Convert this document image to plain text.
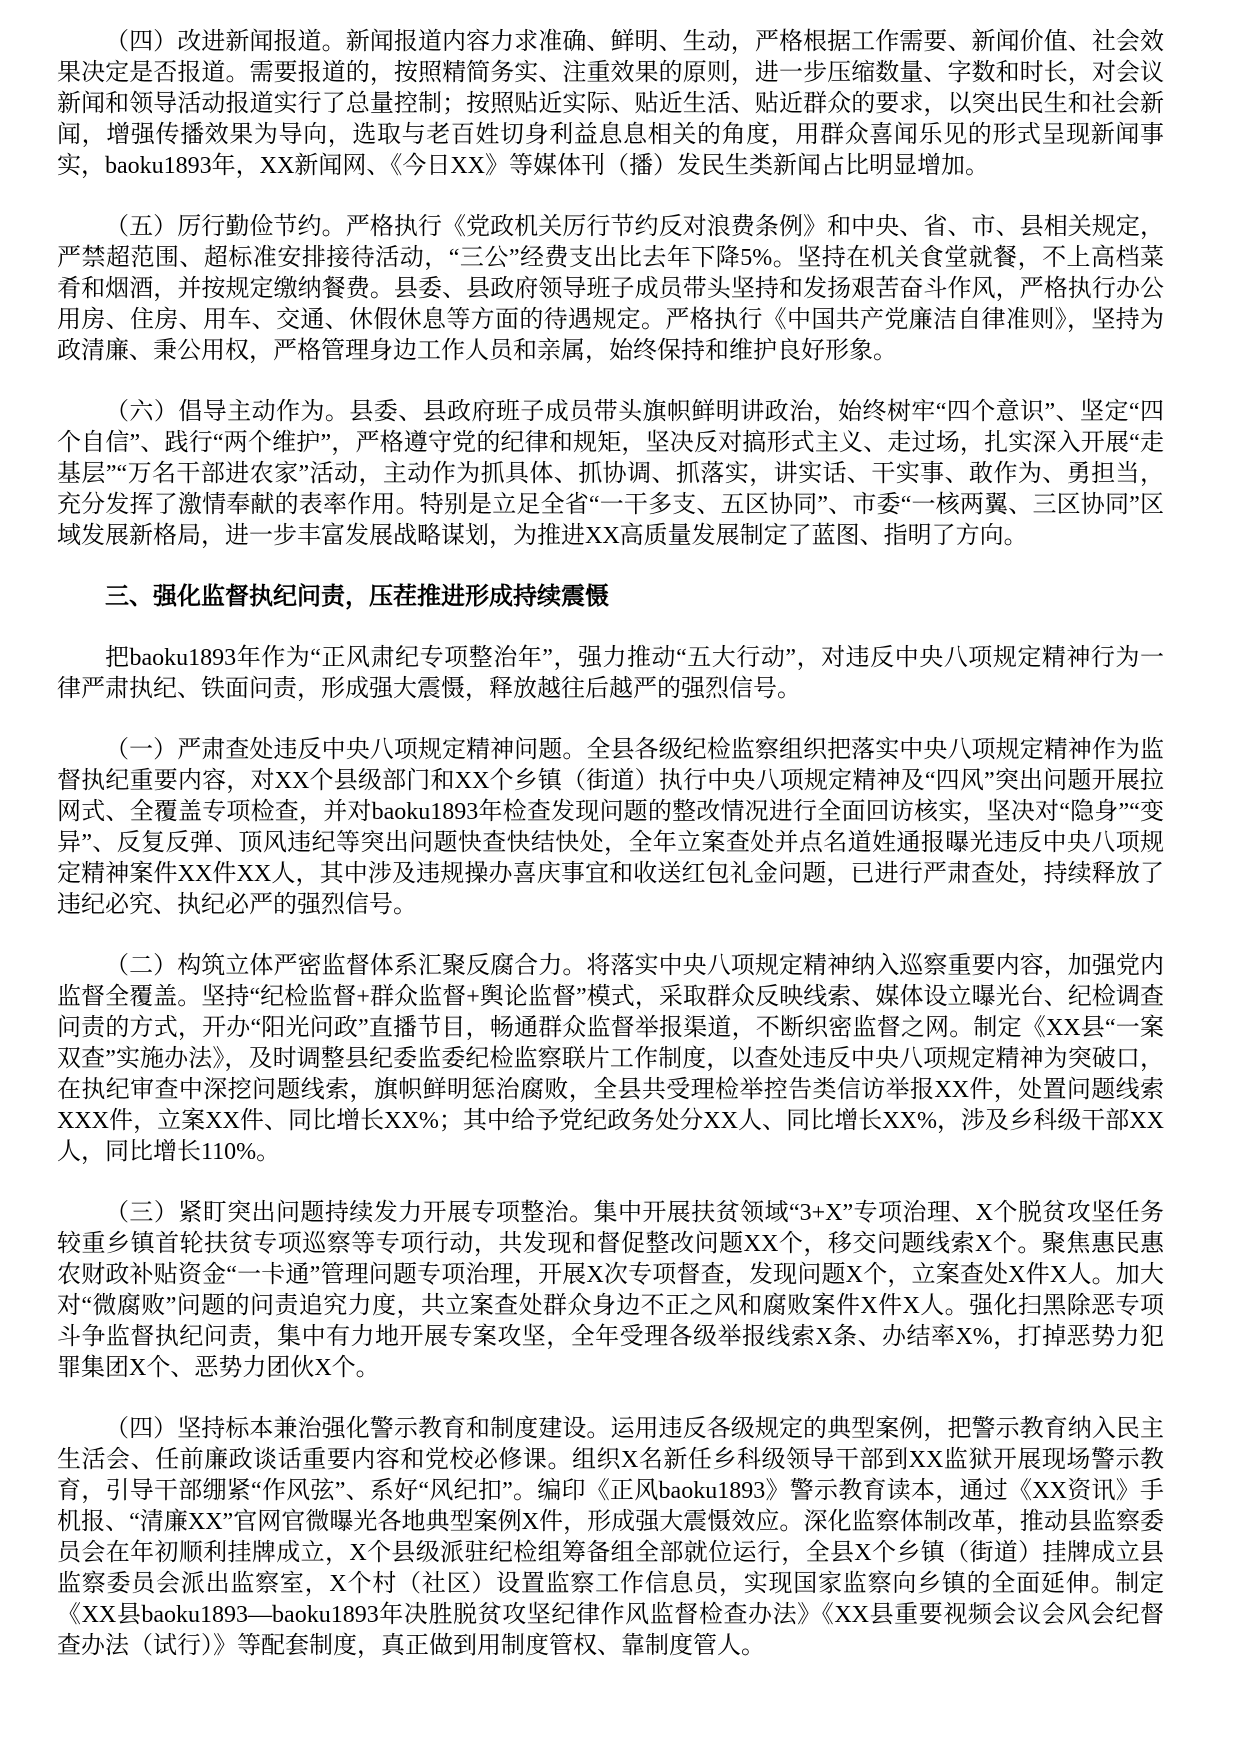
（四）改进新闻报道。新闻报道内容力求准确、鲜明、生动，严格根据工作需要、新闻价值、社会效果决定是否报道。需要报道的，按照精简务实、注重效果的原则，进一步压缩数量、字数和时长，对会议新闻和领导活动报道实行了总量控制；按照贴近实际、贴近生活、贴近群众的要求，以突出民生和社会新闻，增强传播效果为导向，选取与老百姓切身利益息息相关的角度，用群众喜闻乐见的形式呈现新闻事实，baoku1893年，XX新闻网、《今日XX》等媒体刊（播）发民生类新闻占比明显增加。

（五）厉行勤俭节约。严格执行《党政机关厉行节约反对浪费条例》和中央、省、市、县相关规定，严禁超范围、超标准安排接待活动，“三公”经费支出比去年下降5%。坚持在机关食堂就餐，不上高档菜肴和烟酒，并按规定缴纳餐费。县委、县政府领导班子成员带头坚持和发扬艰苦奋斗作风，严格执行办公用房、住房、用车、交通、休假休息等方面的待遇规定。严格执行《中国共产党廉洁自律准则》，坚持为政清廉、秉公用权，严格管理身边工作人员和亲属，始终保持和维护良好形象。

（六）倡导主动作为。县委、县政府班子成员带头旗帜鲜明讲政治，始终树牢“四个意识”、坚定“四个自信”、践行“两个维护”，严格遵守党的纪律和规矩，坚决反对搞形式主义、走过场，扎实深入开展“走基层”“万名干部进农家”活动，主动作为抓具体、抓协调、抓落实，讲实话、干实事、敢作为、勇担当，充分发挥了激情奉献的表率作用。特别是立足全省“一干多支、五区协同”、市委“一核两翼、三区协同”区域发展新格局，进一步丰富发展战略谋划，为推进XX高质量发展制定了蓝图、指明了方向。

三、强化监督执纪问责，压茬推进形成持续震慑

把baoku1893年作为“正风肃纪专项整治年”，强力推动“五大行动”，对违反中央八项规定精神行为一律严肃执纪、铁面问责，形成强大震慑，释放越往后越严的强烈信号。

（一）严肃查处违反中央八项规定精神问题。全县各级纪检监察组织把落实中央八项规定精神作为监督执纪重要内容，对XX个县级部门和XX个乡镇（街道）执行中央八项规定精神及“四风”突出问题开展拉网式、全覆盖专项检查，并对baoku1893年检查发现问题的整改情况进行全面回访核实，坚决对“隐身”“变异”、反复反弹、顶风违纪等突出问题快查快结快处，全年立案查处并点名道姓通报曝光违反中央八项规定精神案件XX件XX人，其中涉及违规操办喜庆事宜和收送红包礼金问题，已进行严肃查处，持续释放了违纪必究、执纪必严的强烈信号。

（二）构筑立体严密监督体系汇聚反腐合力。将落实中央八项规定精神纳入巡察重要内容，加强党内监督全覆盖。坚持“纪检监督+群众监督+舆论监督”模式，采取群众反映线索、媒体设立曝光台、纪检调查问责的方式，开办“阳光问政”直播节目，畅通群众监督举报渠道，不断织密监督之网。制定《XX县“一案双查”实施办法》，及时调整县纪委监委纪检监察联片工作制度，以查处违反中央八项规定精神为突破口，在执纪审查中深挖问题线索，旗帜鲜明惩治腐败，全县共受理检举控告类信访举报XX件，处置问题线索XXX件，立案XX件、同比增长XX%；其中给予党纪政务处分XX人、同比增长XX%，涉及乡科级干部XX人，同比增长110%。

（三）紧盯突出问题持续发力开展专项整治。集中开展扶贫领域“3+X”专项治理、X个脱贫攻坚任务较重乡镇首轮扶贫专项巡察等专项行动，共发现和督促整改问题XX个，移交问题线索X个。聚焦惠民惠农财政补贴资金“一卡通”管理问题专项治理，开展X次专项督查，发现问题X个，立案查处X件X人。加大对“微腐败”问题的问责追究力度，共立案查处群众身边不正之风和腐败案件X件X人。强化扫黑除恶专项斗争监督执纪问责，集中有力地开展专案攻坚，全年受理各级举报线索X条、办结率X%，打掉恶势力犯罪集团X个、恶势力团伙X个。

（四）坚持标本兼治强化警示教育和制度建设。运用违反各级规定的典型案例，把警示教育纳入民主生活会、任前廉政谈话重要内容和党校必修课。组织X名新任乡科级领导干部到XX监狱开展现场警示教育，引导干部绷紧“作风弦”、系好“风纪扣”。编印《正风baoku1893》警示教育读本，通过《XX资讯》手机报、“清廉XX”官网官微曝光各地典型案例X件，形成强大震慑效应。深化监察体制改革，推动县监察委员会在年初顺利挂牌成立，X个县级派驻纪检组筹备组全部就位运行，全县X个乡镇（街道）挂牌成立县监察委员会派出监察室，X个村（社区）设置监察工作信息员，实现国家监察向乡镇的全面延伸。制定《XX县baoku1893—baoku1893年决胜脱贫攻坚纪律作风监督检查办法》《XX县重要视频会议会风会纪督查办法（试行）》等配套制度，真正做到用制度管权、靠制度管人。
